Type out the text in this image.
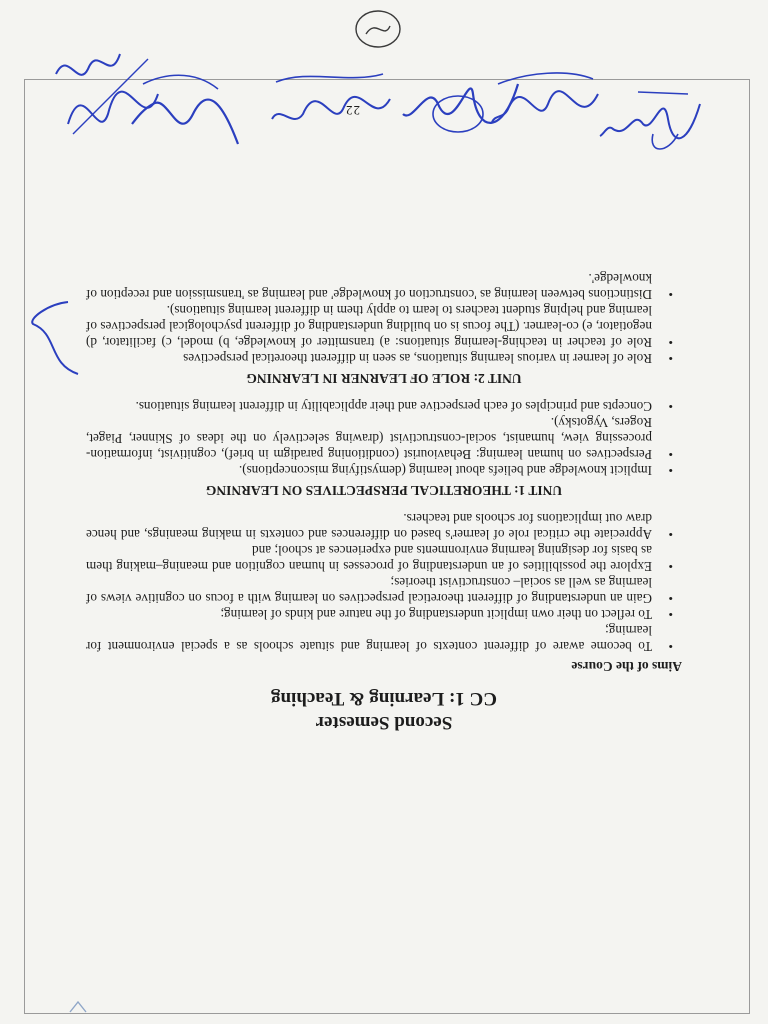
Second Semester
CC 1: Learning & Teaching
Aims of the Course
•
To become aware of different contexts of learning and situate schools as a special environment for learning;
•
To reflect on their own implicit understanding of the nature and kinds of learning;
•
Gain an understanding of different theoretical perspectives on learning with a focus on cognitive views of learning as well as social– constructivist theories;
•
Explore the possibilities of an understanding of processes in human cognition and meaning–making them as basis for designing learning environments and experiences at school; and
•
Appreciate the critical role of learner's based on differences and contexts in making meanings, and hence draw out implications for schools and teachers.
UNIT 1: THEORETICAL PERSPECTIVES ON LEARNING
•
Implicit knowledge and beliefs about learning (demystifying misconceptions).
•
Perspectives on human learning: Behaviourist (conditioning paradigm in brief), cognitivist, information-processing view, humanist, social-constructivist (drawing selectively on the ideas of Skinner, Piaget, Rogers, Vygotsky).
•
Concepts and principles of each perspective and their applicability in different learning situations.
UNIT 2: ROLE OF LEARNER IN LEARNING
•
Role of learner in various learning situations, as seen in different theoretical perspectives
•
Role of teacher in teaching-learning situations: a) transmitter of knowledge, b) model, c) facilitator, d) negotiator, e) co-learner. (The focus is on building understanding of different psychological perspectives of learning and helping student teachers to learn to apply them in different learning situations).
•
Distinctions between learning as 'construction of knowledge' and learning as 'transmission and reception of knowledge'.
22
